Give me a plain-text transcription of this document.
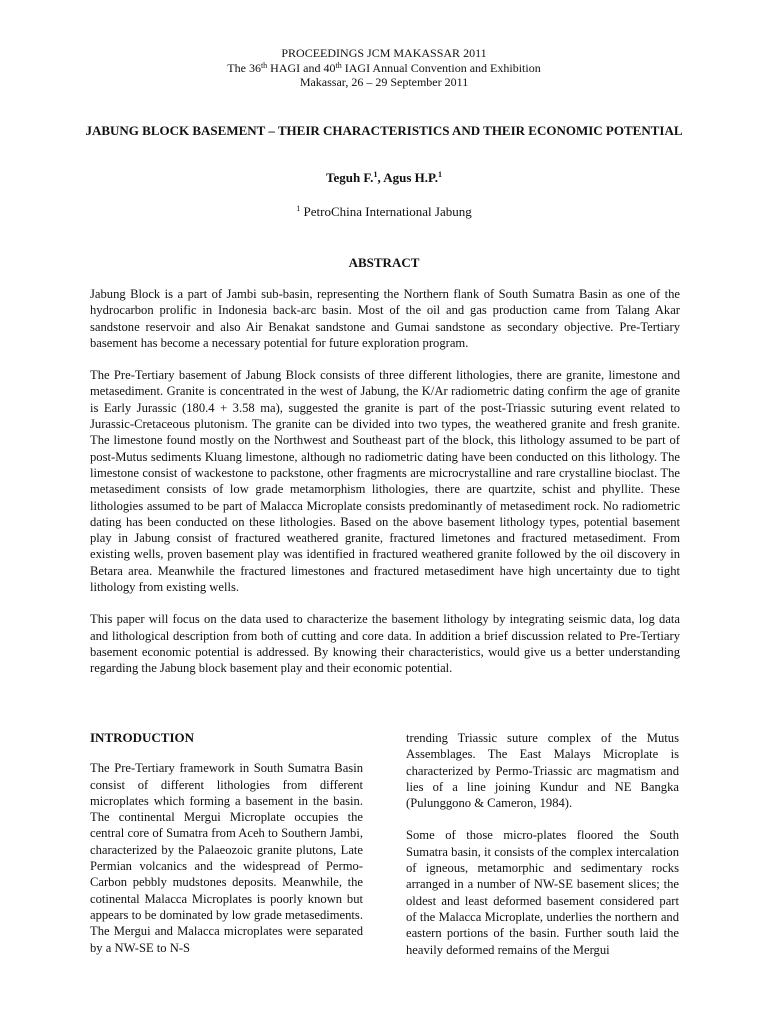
PROCEEDINGS JCM MAKASSAR 2011
The 36th HAGI and 40th IAGI Annual Convention and Exhibition
Makassar, 26 – 29 September 2011
JABUNG BLOCK BASEMENT – THEIR CHARACTERISTICS AND THEIR ECONOMIC POTENTIAL
Teguh F.$^1$, Agus H.P.$^1$
$^1$ PetroChina International Jabung
ABSTRACT

Jabung Block is a part of Jambi sub-basin, representing the Northern flank of South Sumatra Basin as one of the hydrocarbon prolific in Indonesia back-arc basin. Most of the oil and gas production came from Talang Akar sandstone reservoir and also Air Benakat sandstone and Gumai sandstone as secondary objective. Pre-Tertiary basement has become a necessary potential for future exploration program.

The Pre-Tertiary basement of Jabung Block consists of three different lithologies, there are granite, limestone and metasediment. Granite is concentrated in the west of Jabung, the K/Ar radiometric dating confirm the age of granite is Early Jurassic (180.4 + 3.58 ma), suggested the granite is part of the post-Triassic suturing event related to Jurassic-Cretaceous plutonism. The granite can be divided into two types, the weathered granite and fresh granite. The limestone found mostly on the Northwest and Southeast part of the block, this lithology assumed to be part of post-Mutus sediments Kluang limestone, although no radiometric dating have been conducted on this lithology. The limestone consist of wackestone to packstone, other fragments are microcrystalline and rare crystalline bioclast. The metasediment consists of low grade metamorphism lithologies, there are quartzite, schist and phyllite. These lithologies assumed to be part of Malacca Microplate consists predominantly of metasediment rock. No radiometric dating has been conducted on these lithologies. Based on the above basement lithology types, potential basement play in Jabung consist of fractured weathered granite, fractured limetones and fractured metasediment. From existing wells, proven basement play was identified in fractured weathered granite followed by the oil discovery in Betara area. Meanwhile the fractured limestones and fractured metasediment have high uncertainty due to tight lithology from existing wells.

This paper will focus on the data used to characterize the basement lithology by integrating seismic data, log data and lithological description from both of cutting and core data. In addition a brief discussion related to Pre-Tertiary basement economic potential is addressed. By knowing their characteristics, would give us a better understanding regarding the Jabung block basement play and their economic potential.

INTRODUCTION

The Pre-Tertiary framework in South Sumatra Basin consist of different lithologies from different microplates which forming a basement in the basin. The continental Mergui Microplate occupies the central core of Sumatra from Aceh to Southern Jambi, characterized by the Palaeozoic granite plutons, Late Permian volcanics and the widespread of Permo-Carbon pebbly mudstones deposits. Meanwhile, the cotinental Malacca Microplates is poorly known but appears to be dominated by low grade metasediments. The Mergui and Malacca microplates were separated by a NW-SE to N-S

trending Triassic suture complex of the Mutus Assemblages. The East Malays Microplate is characterized by Permo-Triassic arc magmatism and lies of a line joining Kundur and NE Bangka (Pulunggono & Cameron, 1984).

Some of those micro-plates floored the South Sumatra basin, it consists of the complex intercalation of igneous, metamorphic and sedimentary rocks arranged in a number of NW-SE basement slices; the oldest and least deformed basement considered part of the Malacca Microplate, underlies the northern and eastern portions of the basin. Further south laid the heavily deformed remains of the Mergui
